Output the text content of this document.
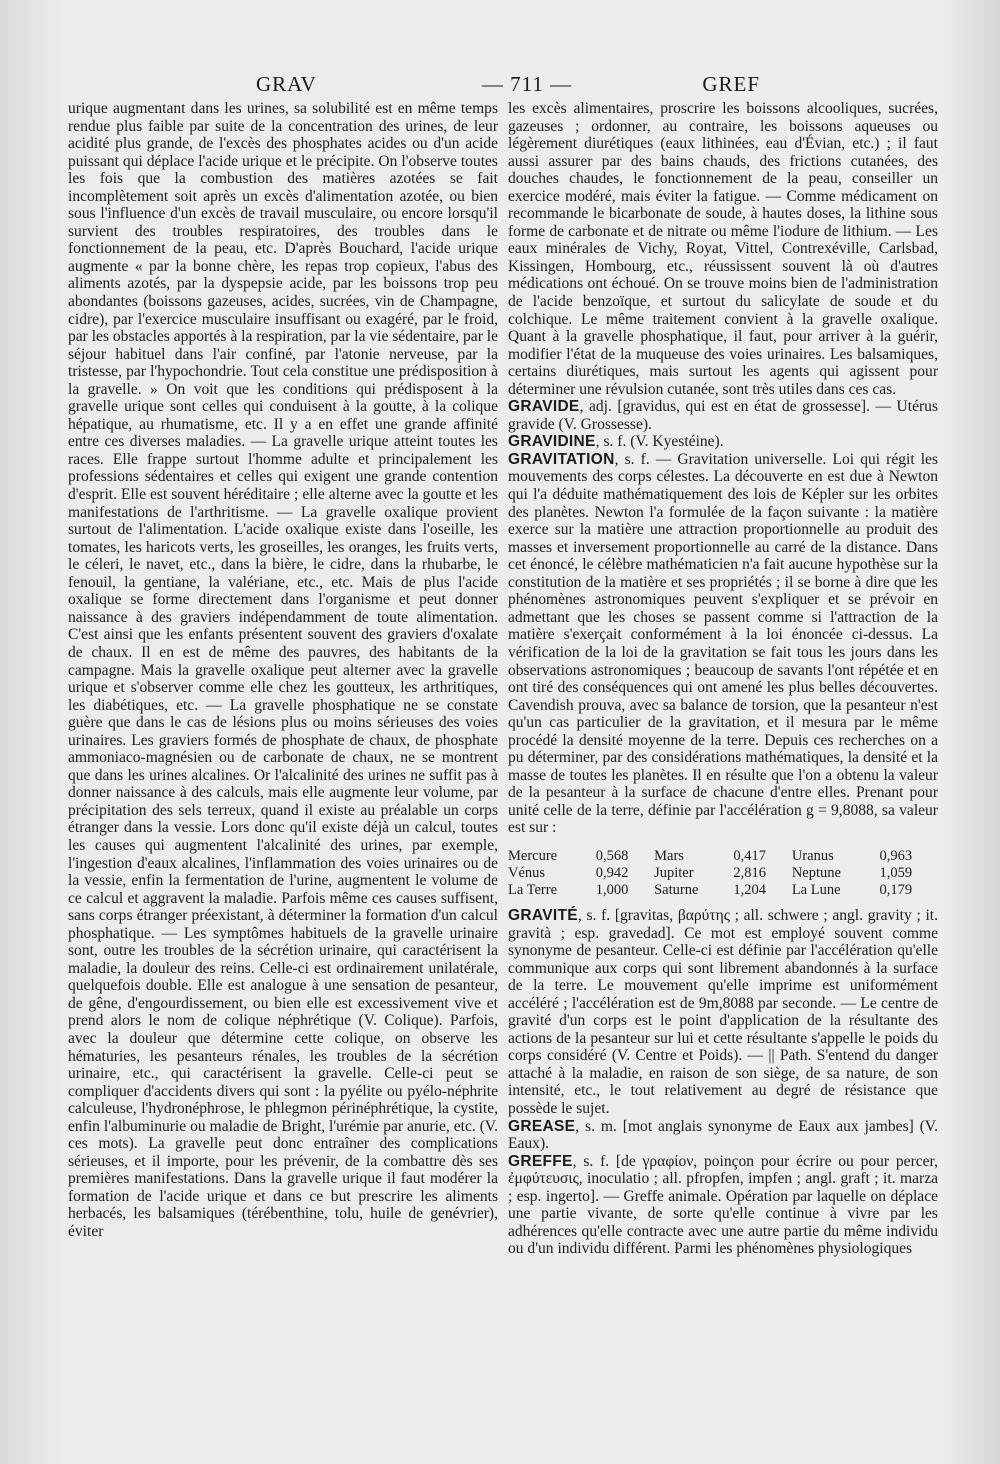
GRAV	— 711 —	GREF

urique augmentant dans les urines, sa solubilité est en même temps rendue plus faible par suite de la concentration des urines, de leur acidité plus grande, de l'excès des phosphates acides ou d'un acide puissant qui déplace l'acide urique et le précipite. On l'observe toutes les fois que la combustion des matières azotées se fait incomplètement soit après un excès d'alimentation azotée, ou bien sous l'influence d'un excès de travail musculaire, ou encore lorsqu'il survient des troubles respiratoires, des troubles dans le fonctionnement de la peau, etc. D'après Bouchard, l'acide urique augmente « par la bonne chère, les repas trop copieux, l'abus des aliments azotés, par la dyspepsie acide, par les boissons trop peu abondantes (boissons gazeuses, acides, sucrées, vin de Champagne, cidre), par l'exercice musculaire insuffisant ou exagéré, par le froid, par les obstacles apportés à la respiration, par la vie sédentaire, par le séjour habituel dans l'air confiné, par l'atonie nerveuse, par la tristesse, par l'hypochondrie. Tout cela constitue une prédisposition à la gravelle. » On voit que les conditions qui prédisposent à la gravelle urique sont celles qui conduisent à la goutte, à la colique hépatique, au rhumatisme, etc. Il y a en effet une grande affinité entre ces diverses maladies. — La gravelle urique atteint toutes les races. Elle frappe surtout l'homme adulte et principalement les professions sédentaires et celles qui exigent une grande contention d'esprit. Elle est souvent héréditaire ; elle alterne avec la goutte et les manifestations de l'arthritisme. — La gravelle oxalique provient surtout de l'alimentation. L'acide oxalique existe dans l'oseille, les tomates, les haricots verts, les groseilles, les oranges, les fruits verts, le céleri, le navet, etc., dans la bière, le cidre, dans la rhubarbe, le fenouil, la gentiane, la valériane, etc., etc. Mais de plus l'acide oxalique se forme directement dans l'organisme et peut donner naissance à des graviers indépendamment de toute alimentation. C'est ainsi que les enfants présentent souvent des graviers d'oxalate de chaux. Il en est de même des pauvres, des habitants de la campagne. Mais la gravelle oxalique peut alterner avec la gravelle urique et s'observer comme elle chez les goutteux, les arthritiques, les diabétiques, etc. — La gravelle phosphatique ne se constate guère que dans le cas de lésions plus ou moins sérieuses des voies urinaires. Les graviers formés de phosphate de chaux, de phosphate ammoniaco-magnésien ou de carbonate de chaux, ne se montrent que dans les urines alcalines. Or l'alcalinité des urines ne suffit pas à donner naissance à des calculs, mais elle augmente leur volume, par précipitation des sels terreux, quand il existe au préalable un corps étranger dans la vessie. Lors donc qu'il existe déjà un calcul, toutes les causes qui augmentent l'alcalinité des urines, par exemple, l'ingestion d'eaux alcalines, l'inflammation des voies urinaires ou de la vessie, enfin la fermentation de l'urine, augmentent le volume de ce calcul et aggravent la maladie. Parfois même ces causes suffisent, sans corps étranger préexistant, à déterminer la formation d'un calcul phosphatique. — Les symptômes habituels de la gravelle urinaire sont, outre les troubles de la sécrétion urinaire, qui caractérisent la maladie, la douleur des reins. Celle-ci est ordinairement unilatérale, quelquefois double. Elle est analogue à une sensation de pesanteur, de gêne, d'engourdissement, ou bien elle est excessivement vive et prend alors le nom de colique néphrétique (V. Colique). Parfois, avec la douleur que détermine cette colique, on observe les hématuries, les pesanteurs rénales, les troubles de la sécrétion urinaire, etc., qui caractérisent la gravelle. Celle-ci peut se compliquer d'accidents divers qui sont : la pyélite ou pyélo-néphrite calculeuse, l'hydronéphrose, le phlegmon périnéphrétique, la cystite, enfin l'albuminurie ou maladie de Bright, l'urémie par anurie, etc. (V. ces mots). La gravelle peut donc entraîner des complications sérieuses, et il importe, pour les prévenir, de la combattre dès ses premières manifestations. Dans la gravelle urique il faut modérer la formation de l'acide urique et dans ce but prescrire les aliments herbacés, les balsamiques (térébenthine, tolu, huile de genévrier), éviter

les excès alimentaires, proscrire les boissons alcooliques, sucrées, gazeuses ; ordonner, au contraire, les boissons aqueuses ou légèrement diurétiques (eaux lithinées, eau d'Évian, etc.) ; il faut aussi assurer par des bains chauds, des frictions cutanées, des douches chaudes, le fonctionnement de la peau, conseiller un exercice modéré, mais éviter la fatigue. — Comme médicament on recommande le bicarbonate de soude, à hautes doses, la lithine sous forme de carbonate et de nitrate ou même l'iodure de lithium. — Les eaux minérales de Vichy, Royat, Vittel, Contrexéville, Carlsbad, Kissingen, Hombourg, etc., réussissent souvent là où d'autres médications ont échoué. On se trouve moins bien de l'administration de l'acide benzoïque, et surtout du salicylate de soude et du colchique. Le même traitement convient à la gravelle oxalique. Quant à la gravelle phosphatique, il faut, pour arriver à la guérir, modifier l'état de la muqueuse des voies urinaires. Les balsamiques, certains diurétiques, mais surtout les agents qui agissent pour déterminer une révulsion cutanée, sont très utiles dans ces cas.

GRAVIDE, adj. [gravidus, qui est en état de grossesse]. — Utérus gravide (V. Grossesse).

GRAVIDINE, s. f. (V. Kyestéine).

GRAVITATION, s. f. — Gravitation universelle. Loi qui régit les mouvements des corps célestes. La découverte en est due à Newton qui l'a déduite mathématiquement des lois de Képler sur les orbites des planètes. Newton l'a formulée de la façon suivante : la matière exerce sur la matière une attraction proportionnelle au produit des masses et inversement proportionnelle au carré de la distance. Dans cet énoncé, le célèbre mathématicien n'a fait aucune hypothèse sur la constitution de la matière et ses propriétés ; il se borne à dire que les phénomènes astronomiques peuvent s'expliquer et se prévoir en admettant que les choses se passent comme si l'attraction de la matière s'exerçait conformément à la loi énoncée ci-dessus. La vérification de la loi de la gravitation se fait tous les jours dans les observations astronomiques ; beaucoup de savants l'ont répétée et en ont tiré des conséquences qui ont amené les plus belles découvertes. Cavendish prouva, avec sa balance de torsion, que la pesanteur n'est qu'un cas particulier de la gravitation, et il mesura par le même procédé la densité moyenne de la terre. Depuis ces recherches on a pu déterminer, par des considérations mathématiques, la densité et la masse de toutes les planètes. Il en résulte que l'on a obtenu la valeur de la pesanteur à la surface de chacune d'entre elles. Prenant pour unité celle de la terre, définie par l'accélération g = 9,8088, sa valeur est sur :

Mercure	0,568	Mars	0,417	Uranus	0,963
Vénus	0,942	Jupiter	2,816	Neptune	1,059
La Terre	1,000	Saturne	1,204	La Lune	0,179

GRAVITÉ, s. f. [gravitas, βαρύτης ; all. schwere ; angl. gravity ; it. gravità ; esp. gravedad]. Ce mot est employé souvent comme synonyme de pesanteur. Celle-ci est définie par l'accélération qu'elle communique aux corps qui sont librement abandonnés à la surface de la terre. Le mouvement qu'elle imprime est uniformément accéléré ; l'accélération est de 9m,8088 par seconde. — Le centre de gravité d'un corps est le point d'application de la résultante des actions de la pesanteur sur lui et cette résultante s'appelle le poids du corps considéré (V. Centre et Poids). — || Path. S'entend du danger attaché à la maladie, en raison de son siège, de sa nature, de son intensité, etc., le tout relativement au degré de résistance que possède le sujet.

GREASE, s. m. [mot anglais synonyme de Eaux aux jambes] (V. Eaux).

GREFFE, s. f. [de γραφίον, poinçon pour écrire ou pour percer, ἐμφύτευσις, inoculatio ; all. pfropfen, impfen ; angl. graft ; it. marza ; esp. ingerto]. — Greffe animale. Opération par laquelle on déplace une partie vivante, de sorte qu'elle continue à vivre par les adhérences qu'elle contracte avec une autre partie du même individu ou d'un individu différent. Parmi les phénomènes physiologiques
